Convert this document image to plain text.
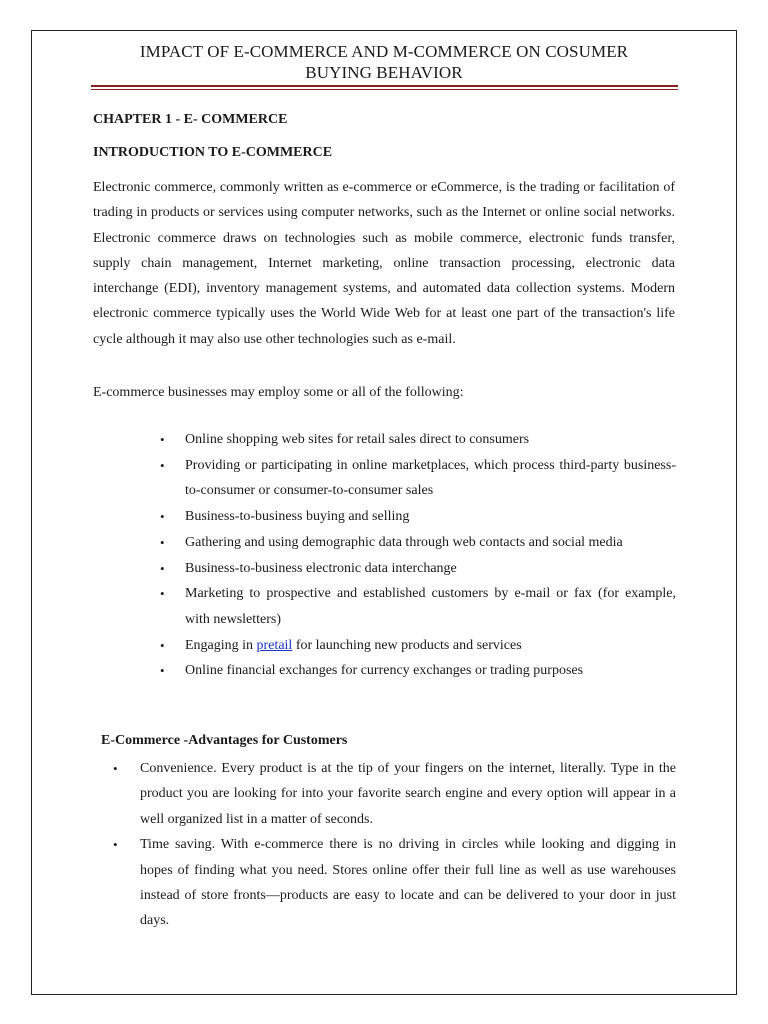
IMPACT OF E-COMMERCE AND M-COMMERCE ON COSUMER
BUYING BEHAVIOR
CHAPTER 1 - E- COMMERCE
INTRODUCTION TO E-COMMERCE
Electronic commerce, commonly written as e-commerce or eCommerce, is the trading or facilitation of trading in products or services using computer networks, such as the Internet or online social networks. Electronic commerce draws on technologies such as mobile commerce, electronic funds transfer, supply chain management, Internet marketing, online transaction processing, electronic data interchange (EDI), inventory management systems, and automated data collection systems. Modern electronic commerce typically uses the World Wide Web for at least one part of the transaction's life cycle although it may also use other technologies such as e-mail.
E-commerce businesses may employ some or all of the following:
• Online shopping web sites for retail sales direct to consumers
• Providing or participating in online marketplaces, which process third-party business-to-consumer or consumer-to-consumer sales
• Business-to-business buying and selling
• Gathering and using demographic data through web contacts and social media
• Business-to-business electronic data interchange
• Marketing to prospective and established customers by e-mail or fax (for example, with newsletters)
• Engaging in pretail for launching new products and services
• Online financial exchanges for currency exchanges or trading purposes
E-Commerce -Advantages for Customers
• Convenience. Every product is at the tip of your fingers on the internet, literally. Type in the product you are looking for into your favorite search engine and every option will appear in a well organized list in a matter of seconds.
• Time saving. With e-commerce there is no driving in circles while looking and digging in hopes of finding what you need. Stores online offer their full line as well as use warehouses instead of store fronts—products are easy to locate and can be delivered to your door in just days.
